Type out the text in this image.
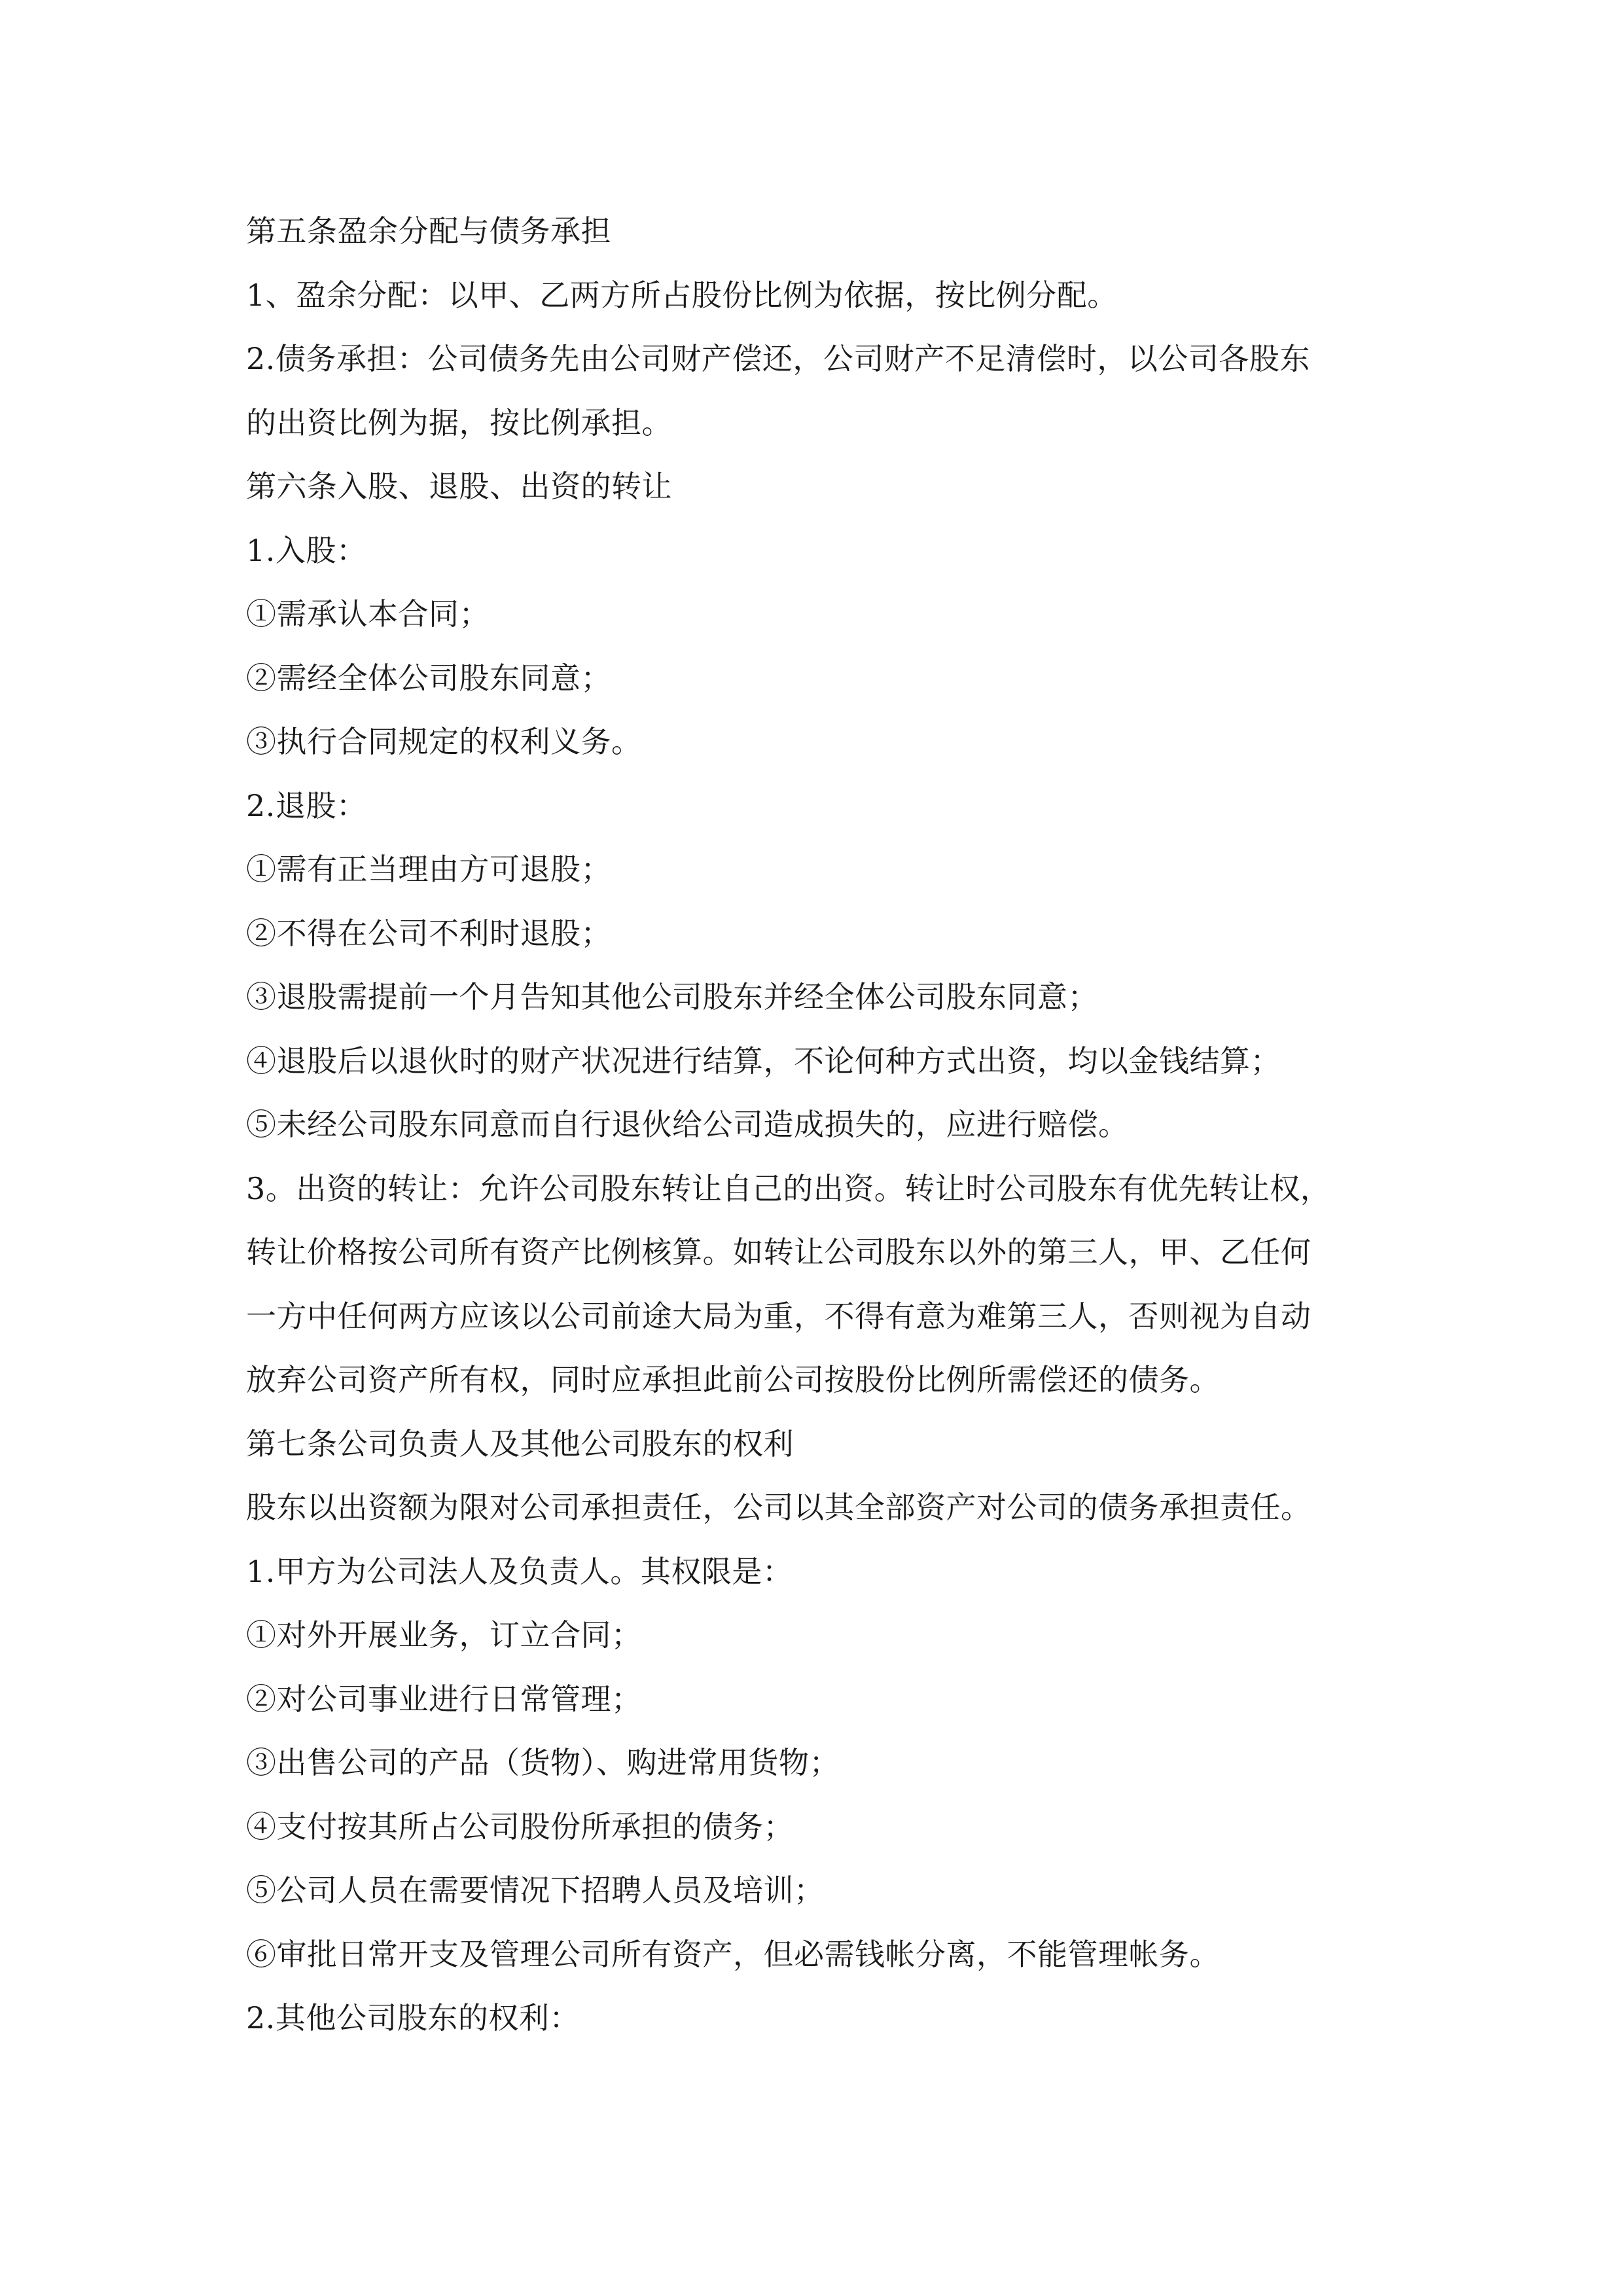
第五条盈余分配与债务承担
1、盈余分配：以甲、乙两方所占股份比例为依据，按比例分配。
2.债务承担：公司债务先由公司财产偿还，公司财产不足清偿时，以公司各股东
的出资比例为据，按比例承担。
第六条入股、退股、出资的转让
1.入股：
①需承认本合同；
②需经全体公司股东同意；
③执行合同规定的权利义务。
2.退股：
①需有正当理由方可退股；
②不得在公司不利时退股；
③退股需提前一个月告知其他公司股东并经全体公司股东同意；
④退股后以退伙时的财产状况进行结算，不论何种方式出资，均以金钱结算；
⑤未经公司股东同意而自行退伙给公司造成损失的，应进行赔偿。
3。出资的转让：允许公司股东转让自己的出资。转让时公司股东有优先转让权，
转让价格按公司所有资产比例核算。如转让公司股东以外的第三人，甲、乙任何
一方中任何两方应该以公司前途大局为重，不得有意为难第三人，否则视为自动
放弃公司资产所有权，同时应承担此前公司按股份比例所需偿还的债务。
第七条公司负责人及其他公司股东的权利
股东以出资额为限对公司承担责任，公司以其全部资产对公司的债务承担责任。
1.甲方为公司法人及负责人。其权限是：
①对外开展业务，订立合同；
②对公司事业进行日常管理；
③出售公司的产品（货物）、购进常用货物；
④支付按其所占公司股份所承担的债务；
⑤公司人员在需要情况下招聘人员及培训；
⑥审批日常开支及管理公司所有资产，但必需钱帐分离，不能管理帐务。
2.其他公司股东的权利：
